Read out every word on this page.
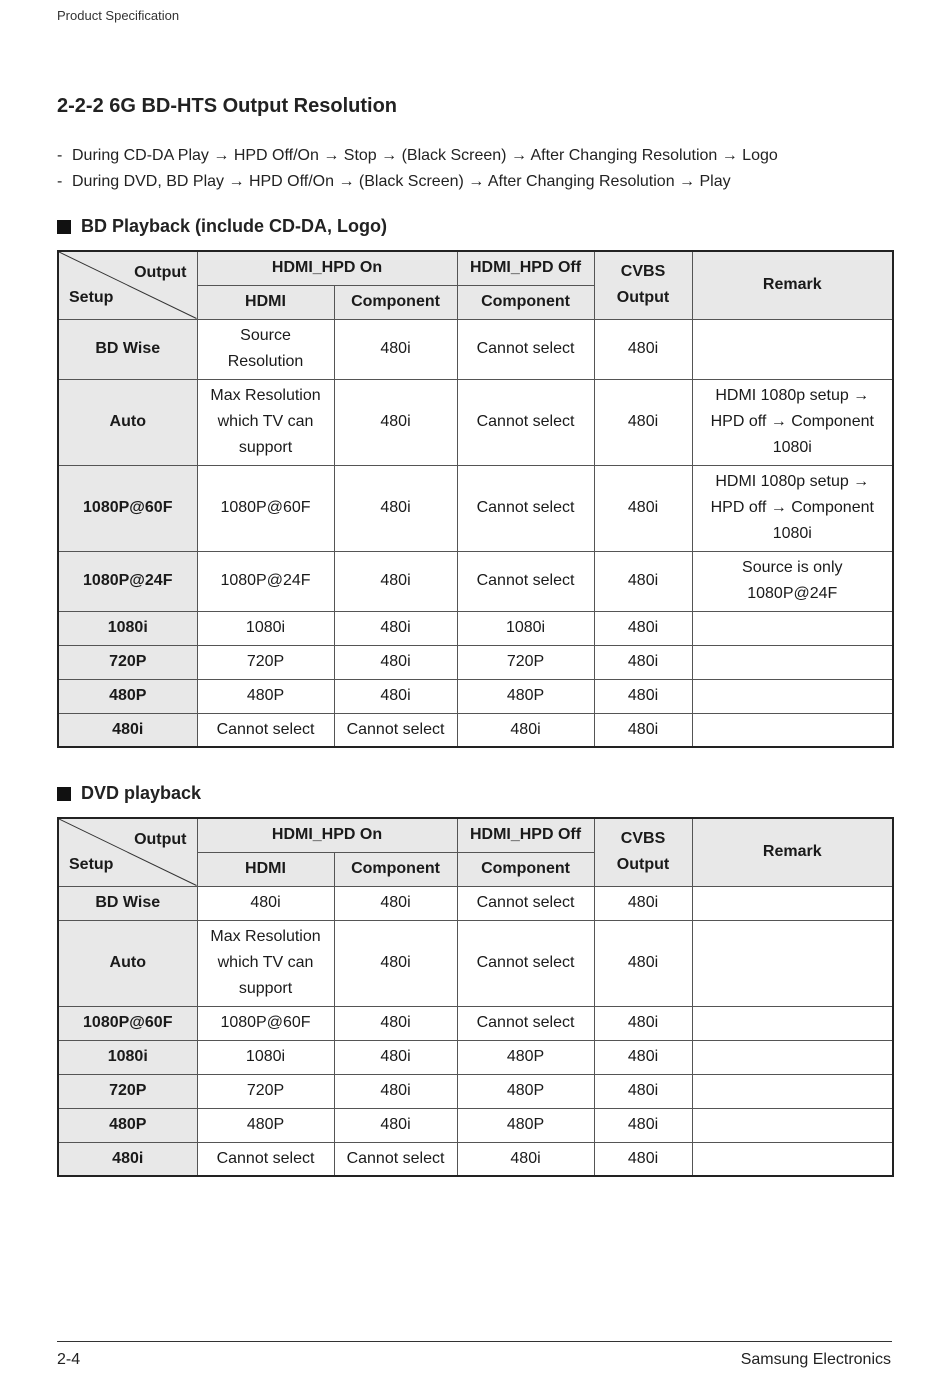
Product Specification
2-2-2 6G BD-HTS Output Resolution
- During CD-DA Play → HPD Off/On → Stop → (Black Screen) → After Changing Resolution → Logo
- During DVD, BD Play → HPD Off/On → (Black Screen) → After Changing Resolution → Play
BD Playback (include CD-DA, Logo)
Output
Setup	HDMI_HPD On		HDMI_HPD Off	CVBS Output	Remark
	HDMI	Component	Component		
BD Wise	Source Resolution	480i	Cannot select	480i	
Auto	Max Resolution which TV can support	480i	Cannot select	480i	HDMI 1080p setup → HPD off → Component 1080i
1080P@60F	1080P@60F	480i	Cannot select	480i	HDMI 1080p setup → HPD off → Component 1080i
1080P@24F	1080P@24F	480i	Cannot select	480i	Source is only 1080P@24F
1080i	1080i	480i	1080i	480i	
720P	720P	480i	720P	480i	
480P	480P	480i	480P	480i	
480i	Cannot select	Cannot select	480i	480i	
DVD playback
Output
Setup	HDMI_HPD On		HDMI_HPD Off	CVBS Output	Remark
	HDMI	Component	Component		
BD Wise	480i	480i	Cannot select	480i	
Auto	Max Resolution which TV can support	480i	Cannot select	480i	
1080P@60F	1080P@60F	480i	Cannot select	480i	
1080i	1080i	480i	480P	480i	
720P	720P	480i	480P	480i	
480P	480P	480i	480P	480i	
480i	Cannot select	Cannot select	480i	480i	
2-4	Samsung Electronics
